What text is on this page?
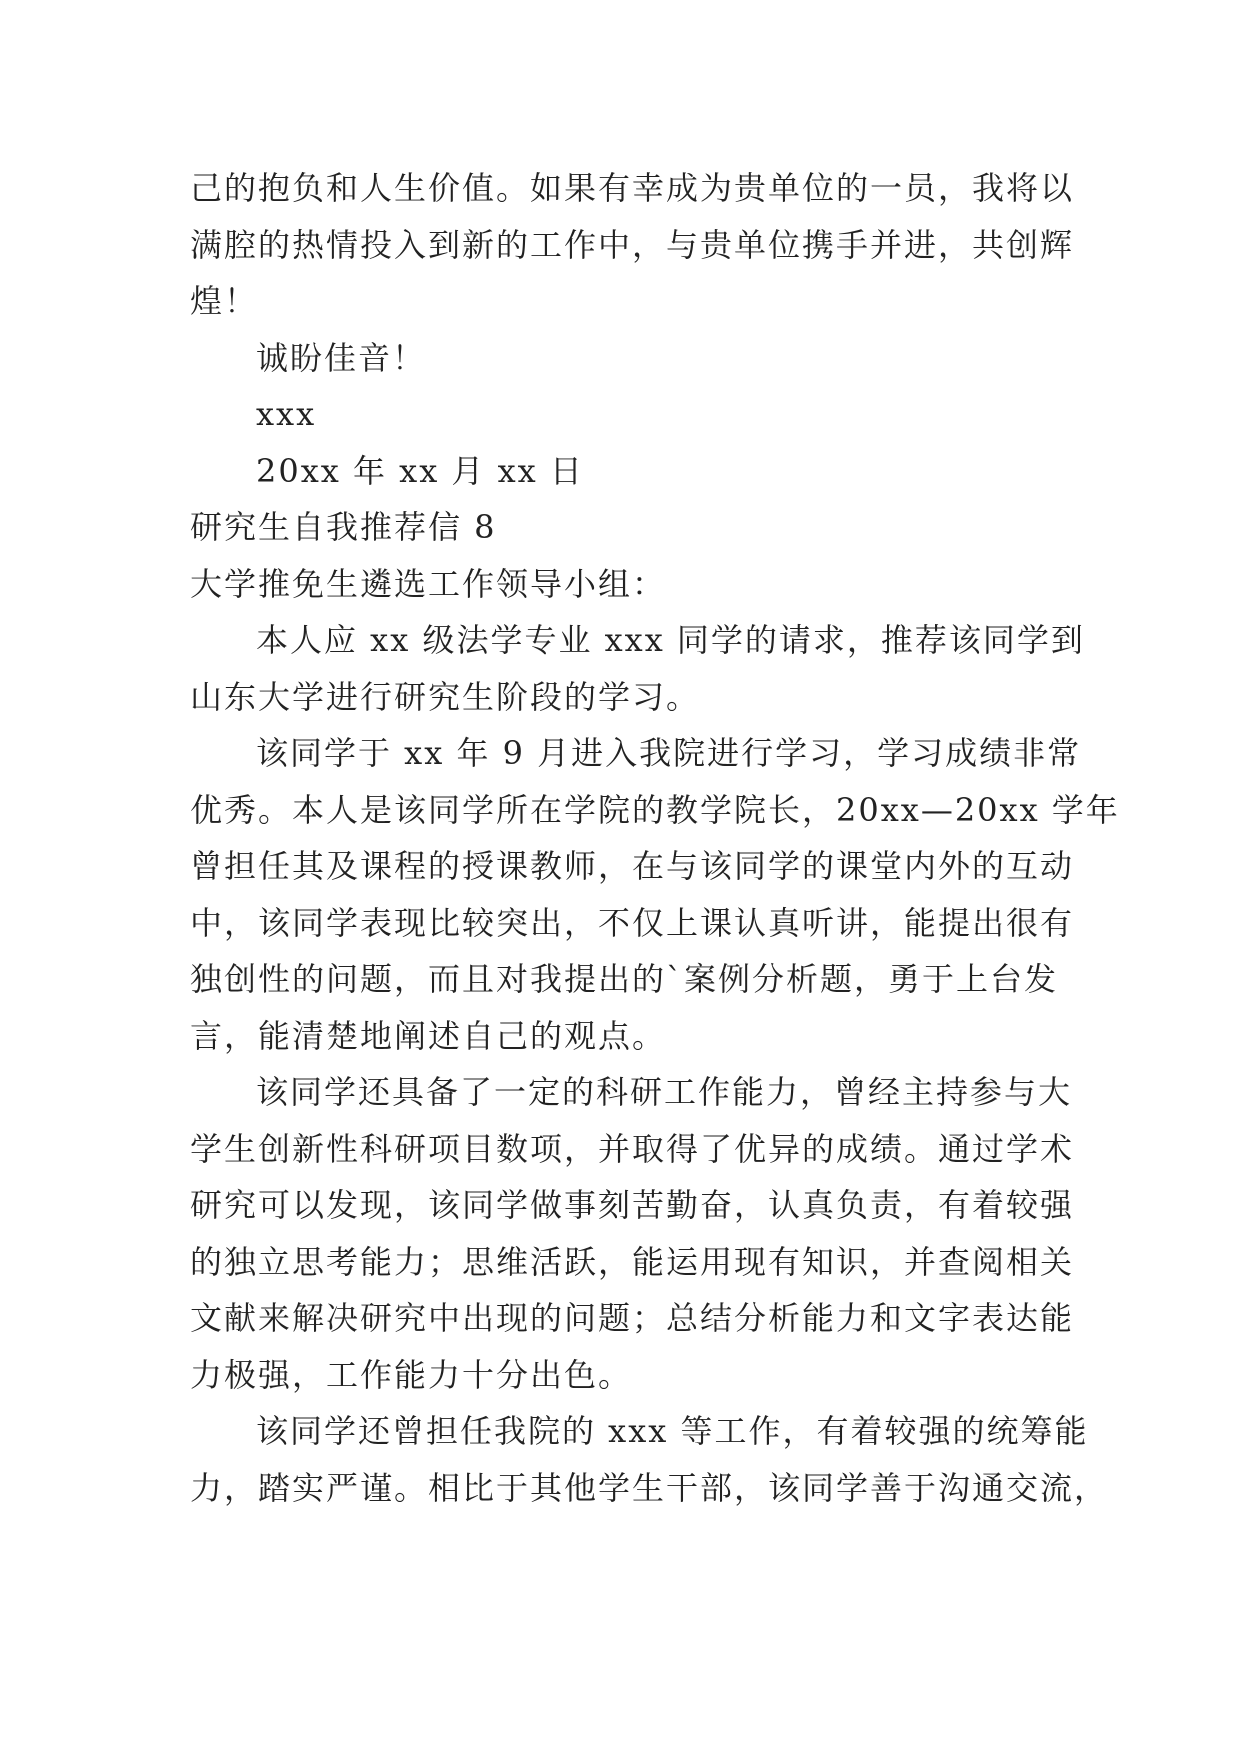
己的抱负和人生价值。如果有幸成为贵单位的一员，我将以
满腔的热情投入到新的工作中，与贵单位携手并进，共创辉
煌！
诚盼佳音！
xxx
20xx 年 xx 月 xx 日
研究生自我推荐信 8
大学推免生遴选工作领导小组：
本人应 xx 级法学专业 xxx 同学的请求，推荐该同学到
山东大学进行研究生阶段的学习。
该同学于 xx 年 9 月进入我院进行学习，学习成绩非常
优秀。本人是该同学所在学院的教学院长，20xx—20xx 学年
曾担任其及课程的授课教师，在与该同学的课堂内外的互动
中，该同学表现比较突出，不仅上课认真听讲，能提出很有
独创性的问题，而且对我提出的`案例分析题，勇于上台发
言，能清楚地阐述自己的观点。
该同学还具备了一定的科研工作能力，曾经主持参与大
学生创新性科研项目数项，并取得了优异的成绩。通过学术
研究可以发现，该同学做事刻苦勤奋，认真负责，有着较强
的独立思考能力；思维活跃，能运用现有知识，并查阅相关
文献来解决研究中出现的问题；总结分析能力和文字表达能
力极强，工作能力十分出色。
该同学还曾担任我院的 xxx 等工作，有着较强的统筹能
力，踏实严谨。相比于其他学生干部，该同学善于沟通交流，
